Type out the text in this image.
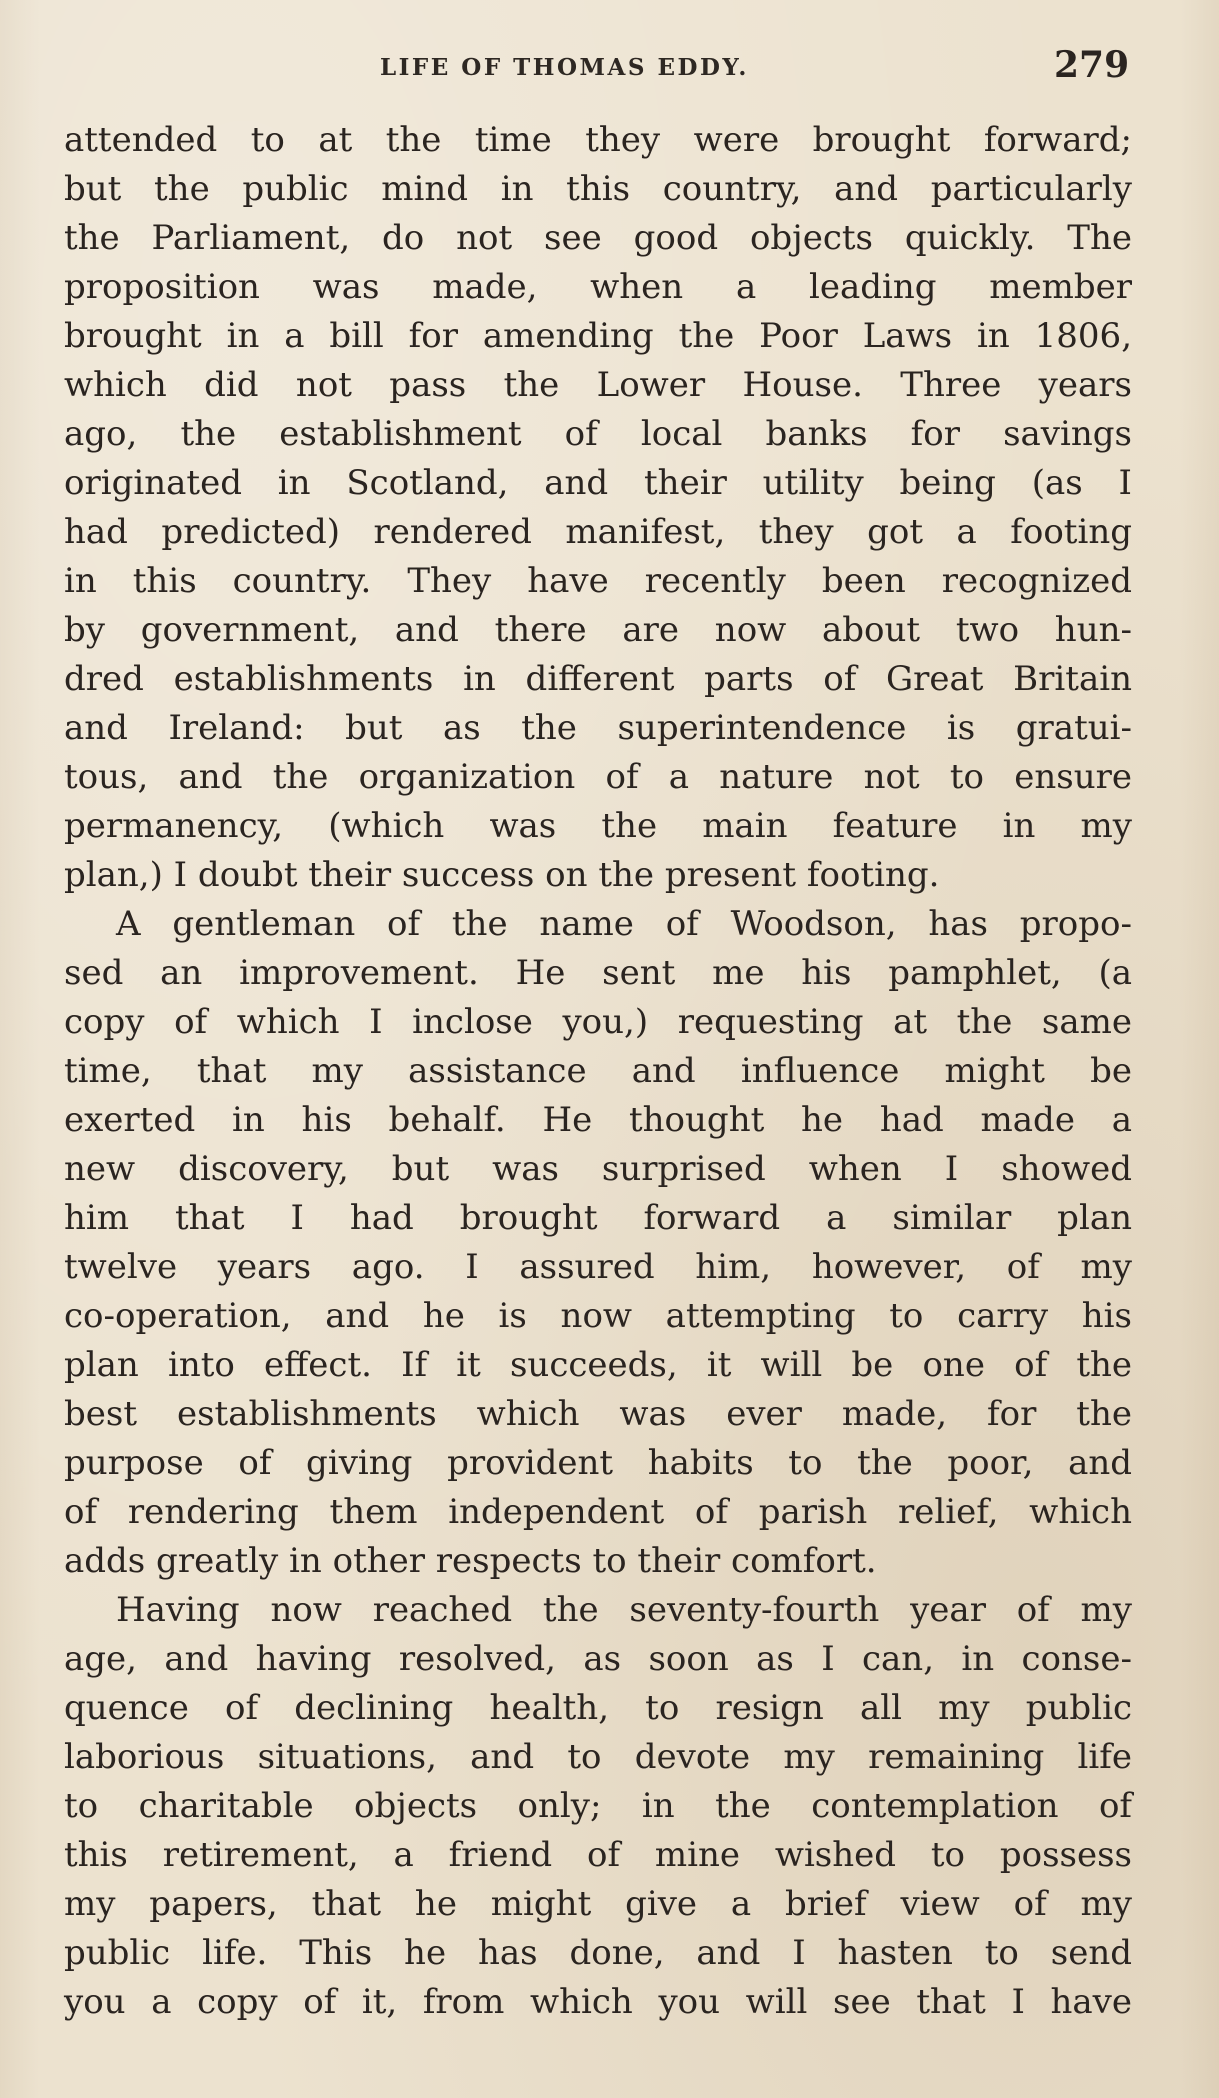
LIFE OF THOMAS EDDY.	279
attended to at the time they were brought forward;
but the public mind in this country, and particularly
the Parliament, do not see good objects quickly. The
proposition was made, when a leading member
brought in a bill for amending the Poor Laws in 1806,
which did not pass the Lower House. Three years
ago, the establishment of local banks for savings
originated in Scotland, and their utility being (as I
had predicted) rendered manifest, they got a footing
in this country. They have recently been recognized
by government, and there are now about two hun-
dred establishments in different parts of Great Britain
and Ireland: but as the superintendence is gratui-
tous, and the organization of a nature not to ensure
permanency, (which was the main feature in my
plan,) I doubt their success on the present footing.
A gentleman of the name of Woodson, has propo-
sed an improvement. He sent me his pamphlet, (a
copy of which I inclose you,) requesting at the same
time, that my assistance and influence might be
exerted in his behalf. He thought he had made a
new discovery, but was surprised when I showed
him that I had brought forward a similar plan
twelve years ago. I assured him, however, of my
co-operation, and he is now attempting to carry his
plan into effect. If it succeeds, it will be one of the
best establishments which was ever made, for the
purpose of giving provident habits to the poor, and
of rendering them independent of parish relief, which
adds greatly in other respects to their comfort.
Having now reached the seventy-fourth year of my
age, and having resolved, as soon as I can, in conse-
quence of declining health, to resign all my public
laborious situations, and to devote my remaining life
to charitable objects only; in the contemplation of
this retirement, a friend of mine wished to possess
my papers, that he might give a brief view of my
public life. This he has done, and I hasten to send
you a copy of it, from which you will see that I have
